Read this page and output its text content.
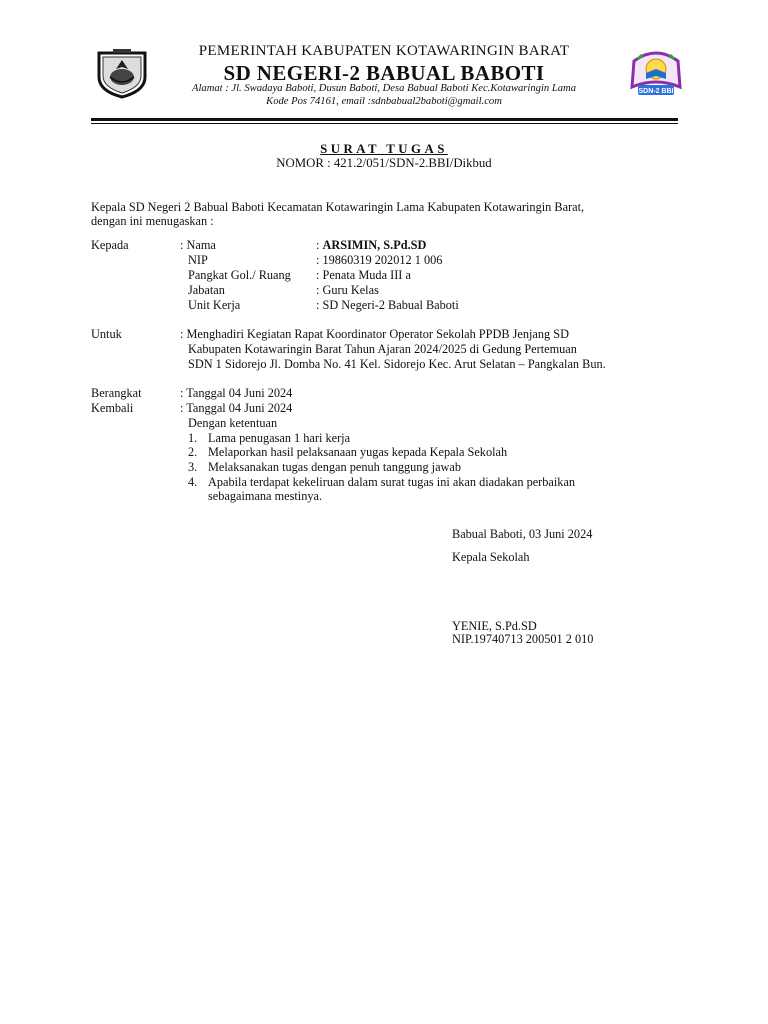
SDN-2 BBI
PEMERINTAH KABUPATEN KOTAWARINGIN BARAT
SD NEGERI-2 BABUAL BABOTI
Alamat : Jl. Swadaya Baboti, Dusun Baboti, Desa Babual Baboti Kec.Kotawaringin Lama
Kode Pos 74161, email :sdnbabual2baboti@gmail.com
SURAT TUGAS
NOMOR : 421.2/051/SDN-2.BBI/Dikbud
Kepala SD Negeri 2 Babual Baboti Kecamatan Kotawaringin Lama Kabupaten Kotawaringin Barat,
dengan ini menugaskan :
Kepada	: Nama	: ARSIMIN, S.Pd.SD
NIP	: 19860319 202012 1 006
Pangkat Gol./ Ruang : Penata Muda III a
Jabatan	: Guru Kelas
Unit Kerja	: SD Negeri-2 Babual Baboti
Untuk	: Menghadiri Kegiatan Rapat Koordinator Operator Sekolah PPDB Jenjang SD
Kabupaten Kotawaringin Barat Tahun Ajaran 2024/2025 di Gedung Pertemuan
SDN 1 Sidorejo Jl. Domba No. 41 Kel. Sidorejo Kec. Arut Selatan – Pangkalan Bun.
Berangkat	: Tanggal 04 Juni 2024
Kembali	: Tanggal 04 Juni 2024
Dengan ketentuan
1. Lama penugasan 1 hari kerja
2. Melaporkan hasil pelaksanaan yugas kepada Kepala Sekolah
3. Melaksanakan tugas dengan penuh tanggung jawab
4. Apabila terdapat kekeliruan dalam surat tugas ini akan diadakan perbaikan
sebagaimana mestinya.
Babual Baboti, 03 Juni 2024
Kepala Sekolah
YENIE, S.Pd.SD
NIP.19740713 200501 2 010
